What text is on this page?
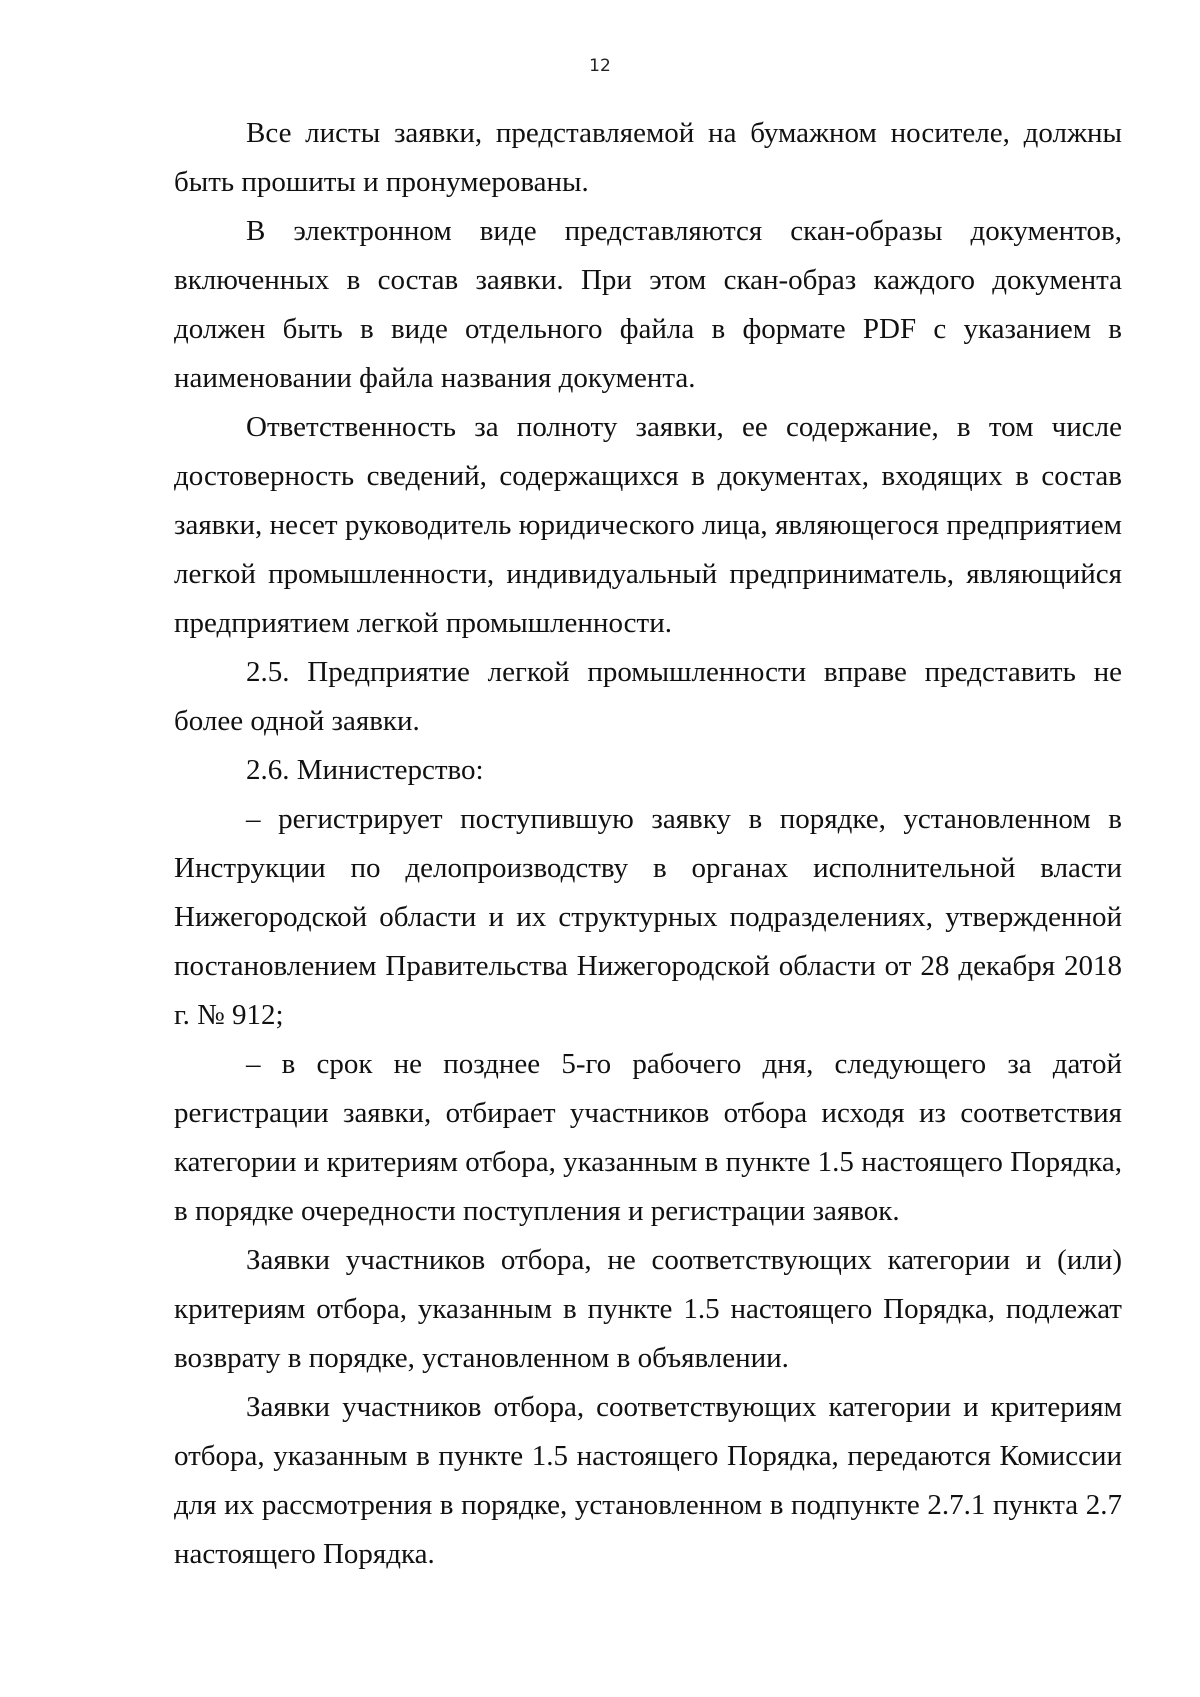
12

Все листы заявки, представляемой на бумажном носителе, должны быть прошиты и пронумерованы.

В электронном виде представляются скан-образы документов, включенных в состав заявки. При этом скан-образ каждого документа должен быть в виде отдельного файла в формате PDF с указанием в наименовании файла названия документа.

Ответственность за полноту заявки, ее содержание, в том числе достоверность сведений, содержащихся в документах, входящих в состав заявки, несет руководитель юридического лица, являющегося предприятием легкой промышленности, индивидуальный предприниматель, являющийся предприятием легкой промышленности.

2.5. Предприятие легкой промышленности вправе представить не более одной заявки.

2.6. Министерство:

– регистрирует поступившую заявку в порядке, установленном в Инструкции по делопроизводству в органах исполнительной власти Нижегородской области и их структурных подразделениях, утвержденной постановлением Правительства Нижегородской области от 28 декабря 2018 г. № 912;

– в срок не позднее 5-го рабочего дня, следующего за датой регистрации заявки, отбирает участников отбора исходя из соответствия категории и критериям отбора, указанным в пункте 1.5 настоящего Порядка, в порядке очередности поступления и регистрации заявок.

Заявки участников отбора, не соответствующих категории и (или) критериям отбора, указанным в пункте 1.5 настоящего Порядка, подлежат возврату в порядке, установленном в объявлении.

Заявки участников отбора, соответствующих категории и критериям отбора, указанным в пункте 1.5 настоящего Порядка, передаются Комиссии для их рассмотрения в порядке, установленном в подпункте 2.7.1 пункта 2.7 настоящего Порядка.
